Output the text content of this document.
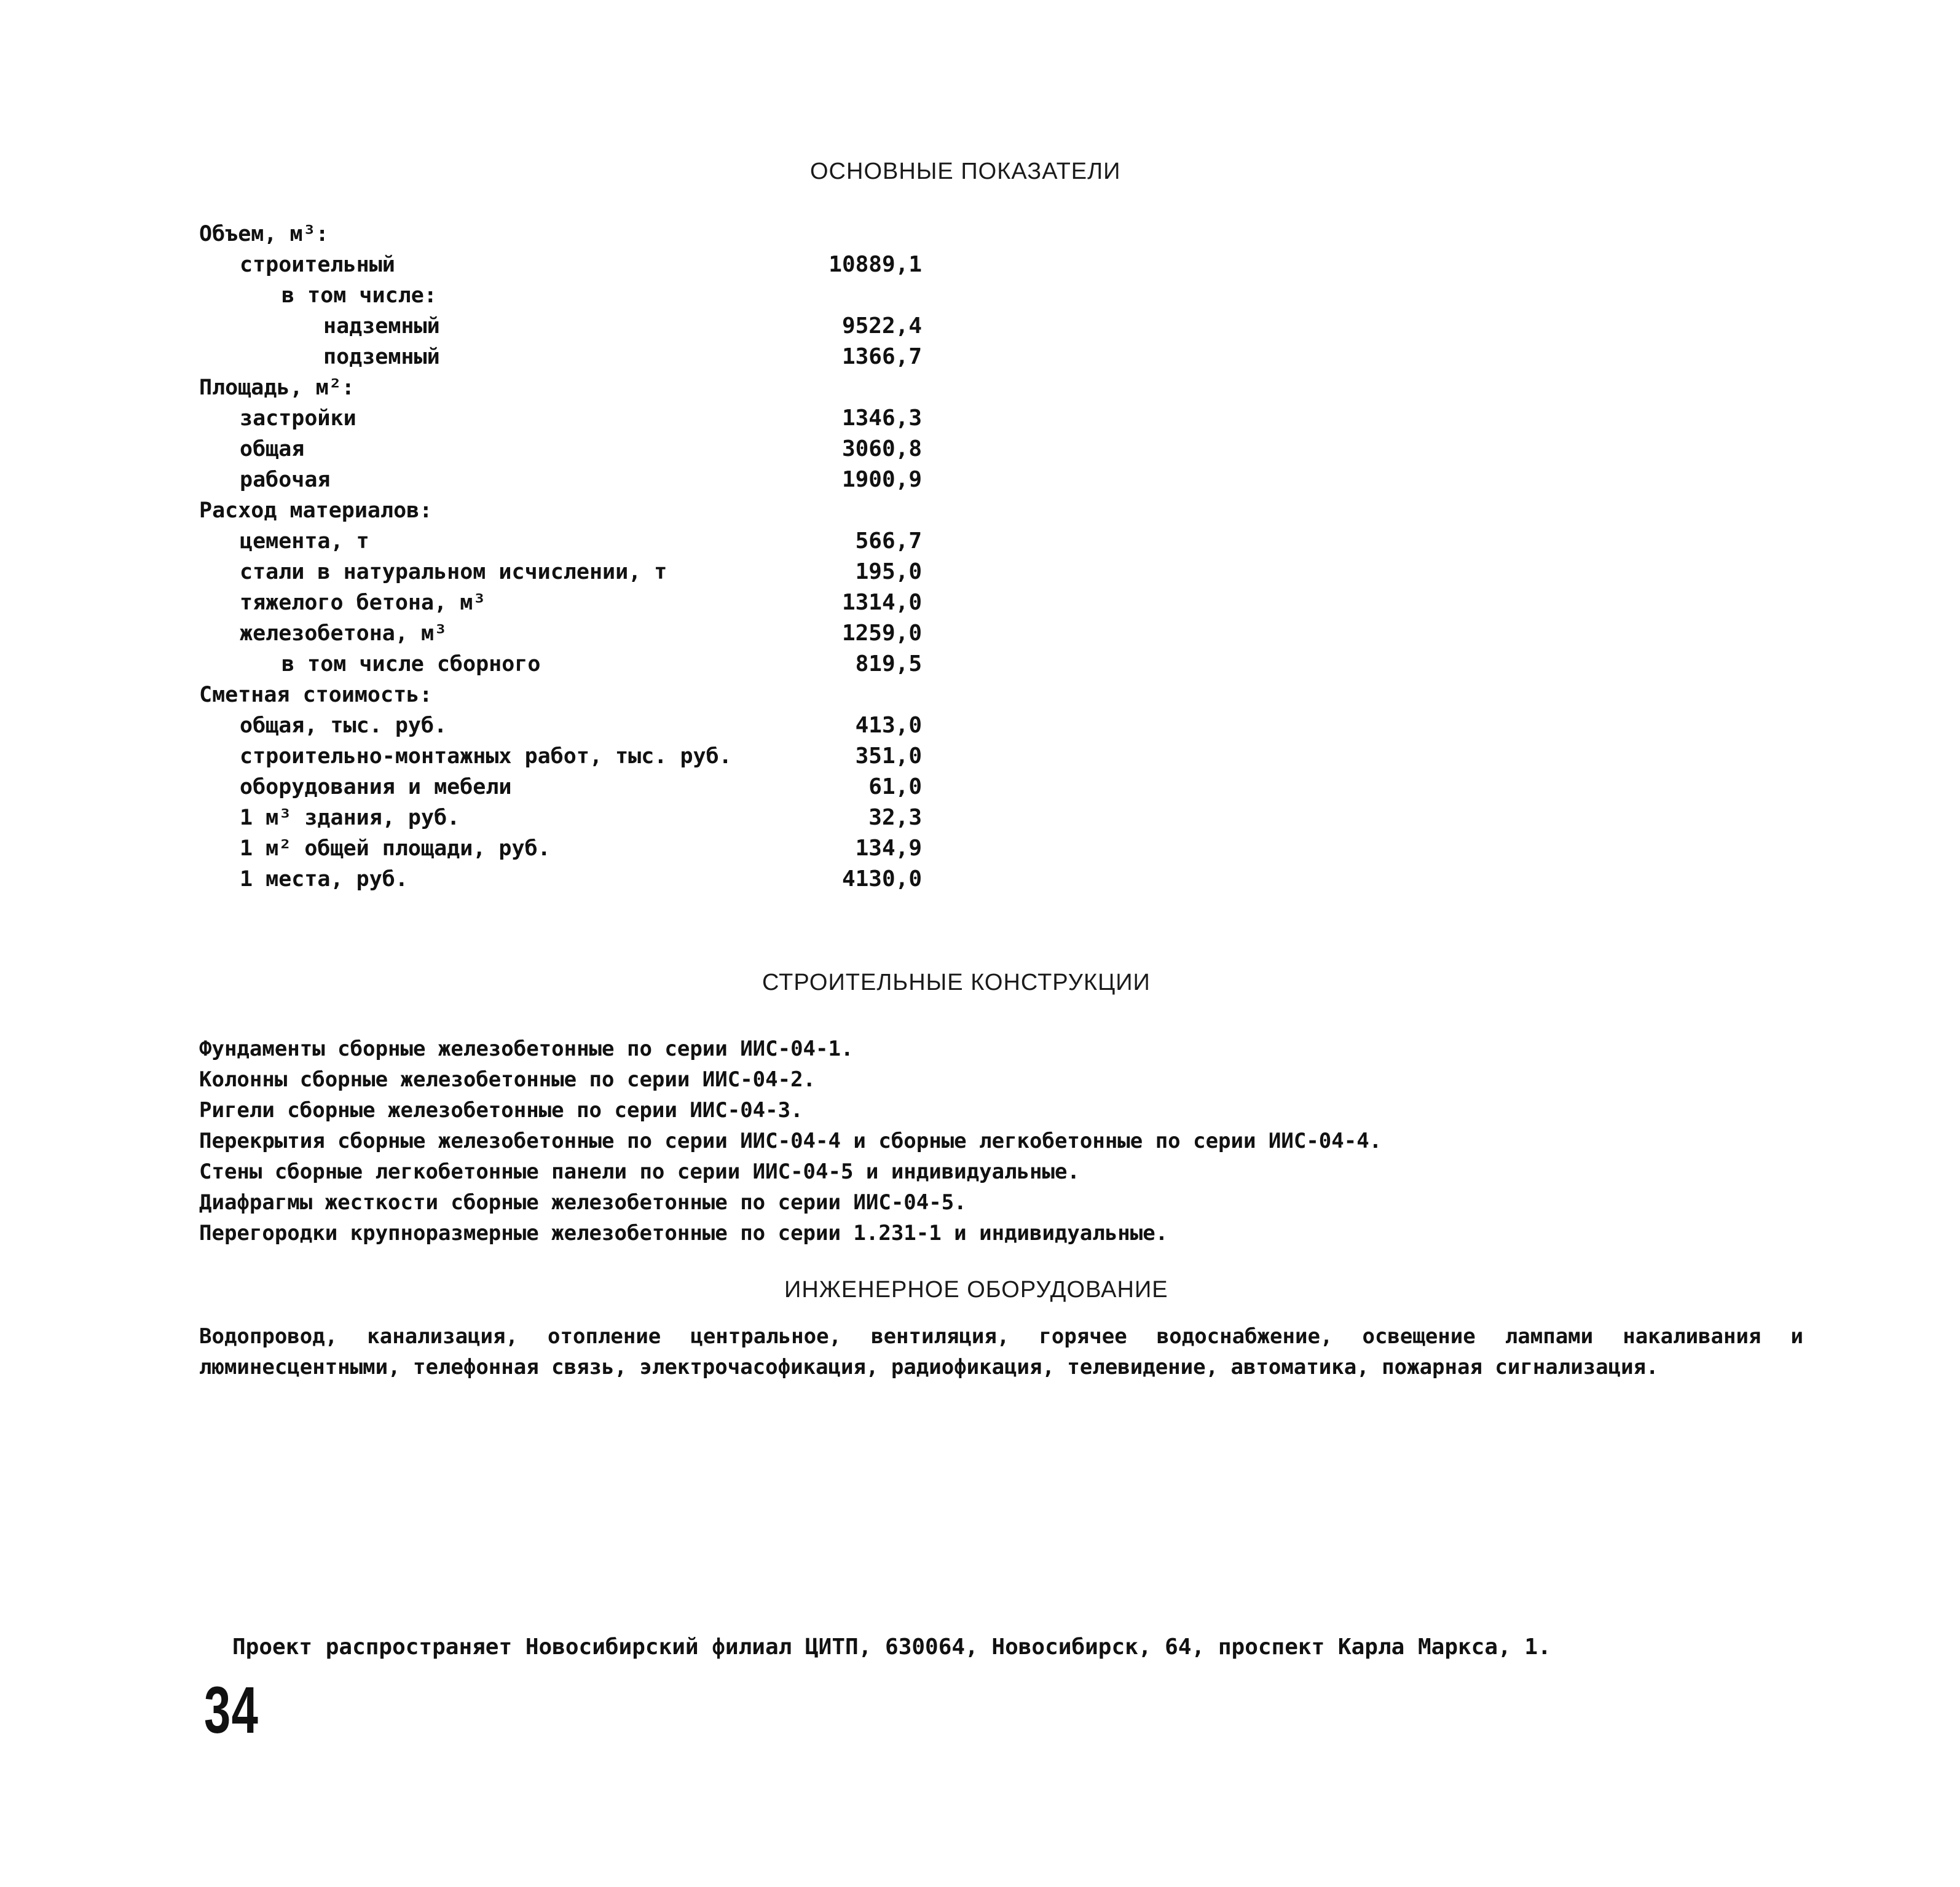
ОСНОВНЫЕ ПОКАЗАТЕЛИ
Объем, м³:
строительный	10889,1
в том числе:
надземный	9522,4
подземный	1366,7
Площадь, м²:
застройки	1346,3
общая	3060,8
рабочая	1900,9
Расход материалов:
цемента, т	566,7
стали в натуральном исчислении, т	195,0
тяжелого бетона, м³	1314,0
железобетона, м³	1259,0
в том числе сборного	819,5
Сметная стоимость:
общая, тыс. руб.	413,0
строительно-монтажных работ, тыс. руб.	351,0
оборудования и мебели	61,0
1 м³ здания, руб.	32,3
1 м² общей площади, руб.	134,9
1 места, руб.	4130,0
СТРОИТЕЛЬНЫЕ КОНСТРУКЦИИ
Фундаменты сборные железобетонные по серии ИИС-04-1.
Колонны сборные железобетонные по серии ИИС-04-2.
Ригели сборные железобетонные по серии ИИС-04-3.
Перекрытия сборные железобетонные по серии ИИС-04-4 и сборные легкобетонные по серии ИИС-04-4.
Стены сборные легкобетонные панели по серии ИИС-04-5 и индивидуальные.
Диафрагмы жесткости сборные железобетонные по серии ИИС-04-5.
Перегородки крупноразмерные железобетонные по серии 1.231-1 и индивидуальные.
ИНЖЕНЕРНОЕ ОБОРУДОВАНИЕ
Водопровод, канализация, отопление центральное, вентиляция, горячее водоснабжение, освещение лампами накаливания и люминесцентными, телефонная связь, электрочасофикация, радиофикация, телевидение, автоматика, пожарная сигнализация.
Проект распространяет Новосибирский филиал ЦИТП, 630064, Новосибирск, 64, проспект Карла Маркса, 1.
34
